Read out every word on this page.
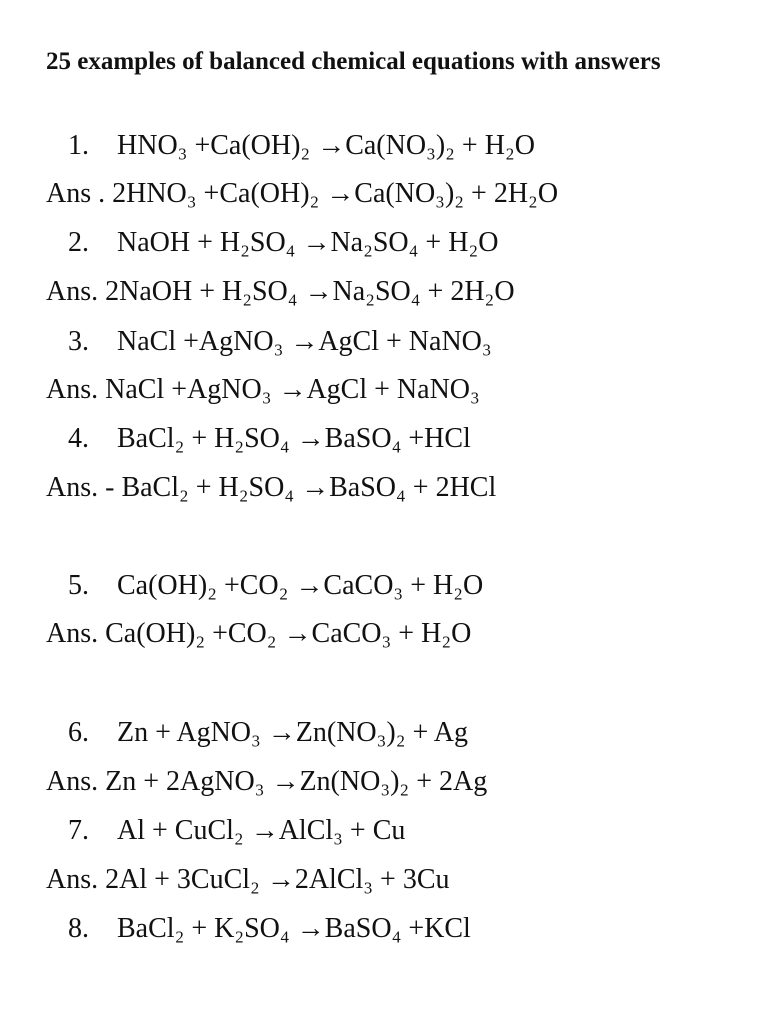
25 examples of balanced chemical equations with answers
1. HNO₃ +Ca(OH)₂ →Ca(NO₃)₂ + H₂O
Ans . 2HNO₃ +Ca(OH)₂ →Ca(NO₃)₂ + 2H₂O
2. NaOH + H₂SO₄ →Na₂SO₄ + H₂O
Ans. 2NaOH + H₂SO₄ →Na₂SO₄ + 2H₂O
3. NaCl +AgNO₃ →AgCl + NaNO₃
Ans. NaCl +AgNO₃ →AgCl + NaNO₃
4. BaCl₂ + H₂SO₄ →BaSO₄ +HCl
Ans. - BaCl₂ + H₂SO₄ →BaSO₄ + 2HCl
5. Ca(OH)₂ +CO₂ →CaCO₃ + H₂O
Ans. Ca(OH)₂ +CO₂ →CaCO₃ + H₂O
6. Zn + AgNO₃ →Zn(NO₃)₂ + Ag
Ans. Zn + 2AgNO₃ →Zn(NO₃)₂ + 2Ag
7. Al + CuCl₂ →AlCl₃ + Cu
Ans. 2Al + 3CuCl₂ →2AlCl₃ + 3Cu
8. BaCl₂ + K₂SO₄ →BaSO₄ +KCl
